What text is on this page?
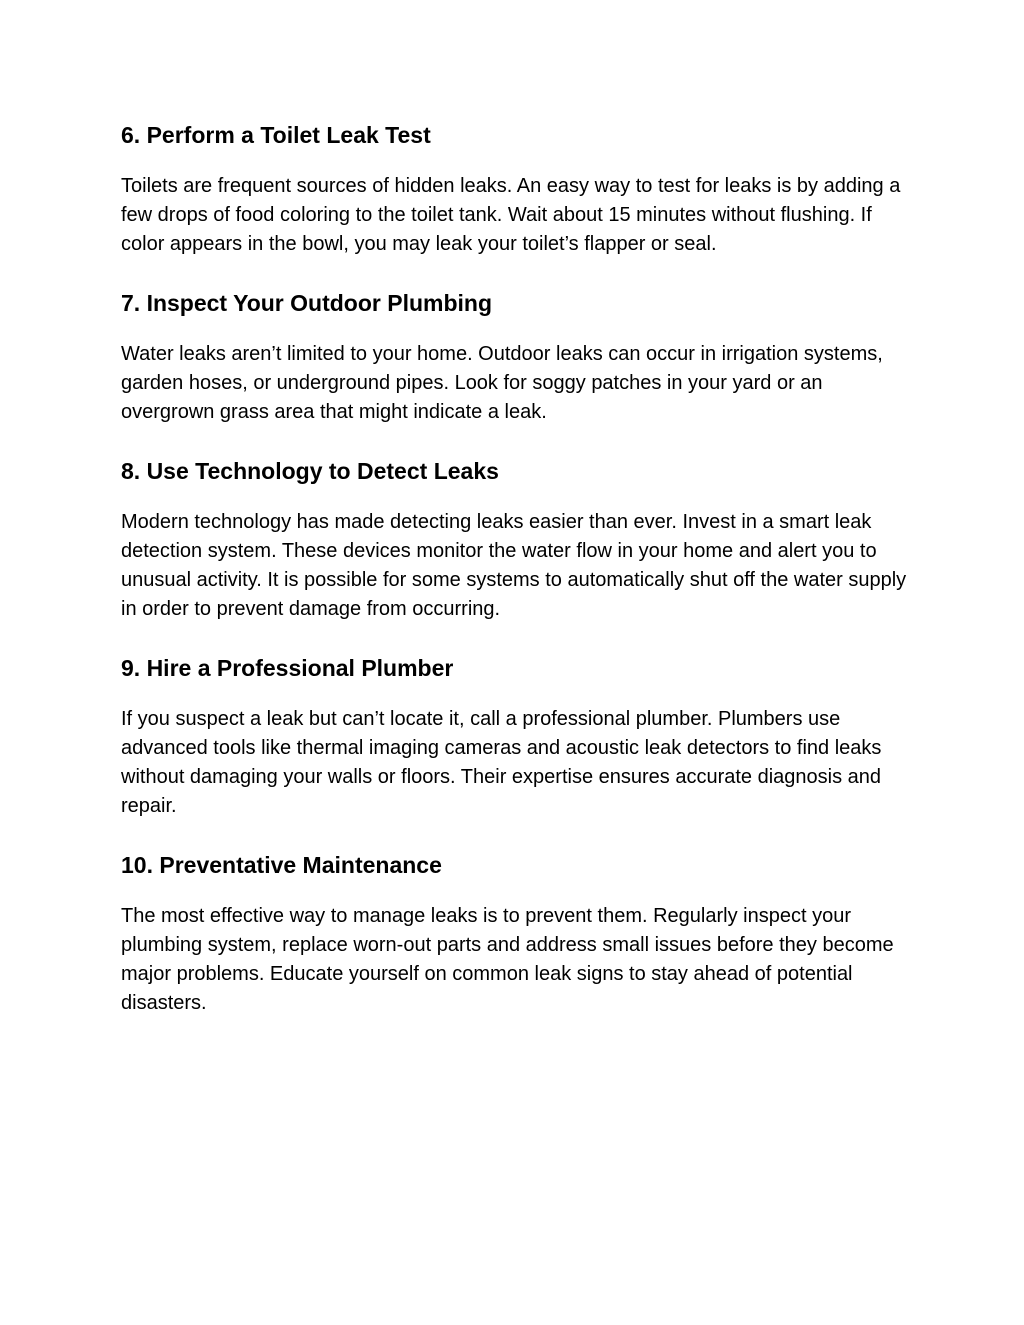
6. Perform a Toilet Leak Test

Toilets are frequent sources of hidden leaks. An easy way to test for leaks is by adding a few drops of food coloring to the toilet tank. Wait about 15 minutes without flushing. If color appears in the bowl, you may leak your toilet’s flapper or seal.

7. Inspect Your Outdoor Plumbing

Water leaks aren’t limited to your home. Outdoor leaks can occur in irrigation systems, garden hoses, or underground pipes. Look for soggy patches in your yard or an overgrown grass area that might indicate a leak.

8. Use Technology to Detect Leaks

Modern technology has made detecting leaks easier than ever. Invest in a smart leak detection system. These devices monitor the water flow in your home and alert you to unusual activity. It is possible for some systems to automatically shut off the water supply in order to prevent damage from occurring.

9. Hire a Professional Plumber

If you suspect a leak but can’t locate it, call a professional plumber. Plumbers use advanced tools like thermal imaging cameras and acoustic leak detectors to find leaks without damaging your walls or floors. Their expertise ensures accurate diagnosis and repair.

10. Preventative Maintenance

The most effective way to manage leaks is to prevent them. Regularly inspect your plumbing system, replace worn-out parts and address small issues before they become major problems. Educate yourself on common leak signs to stay ahead of potential disasters.
